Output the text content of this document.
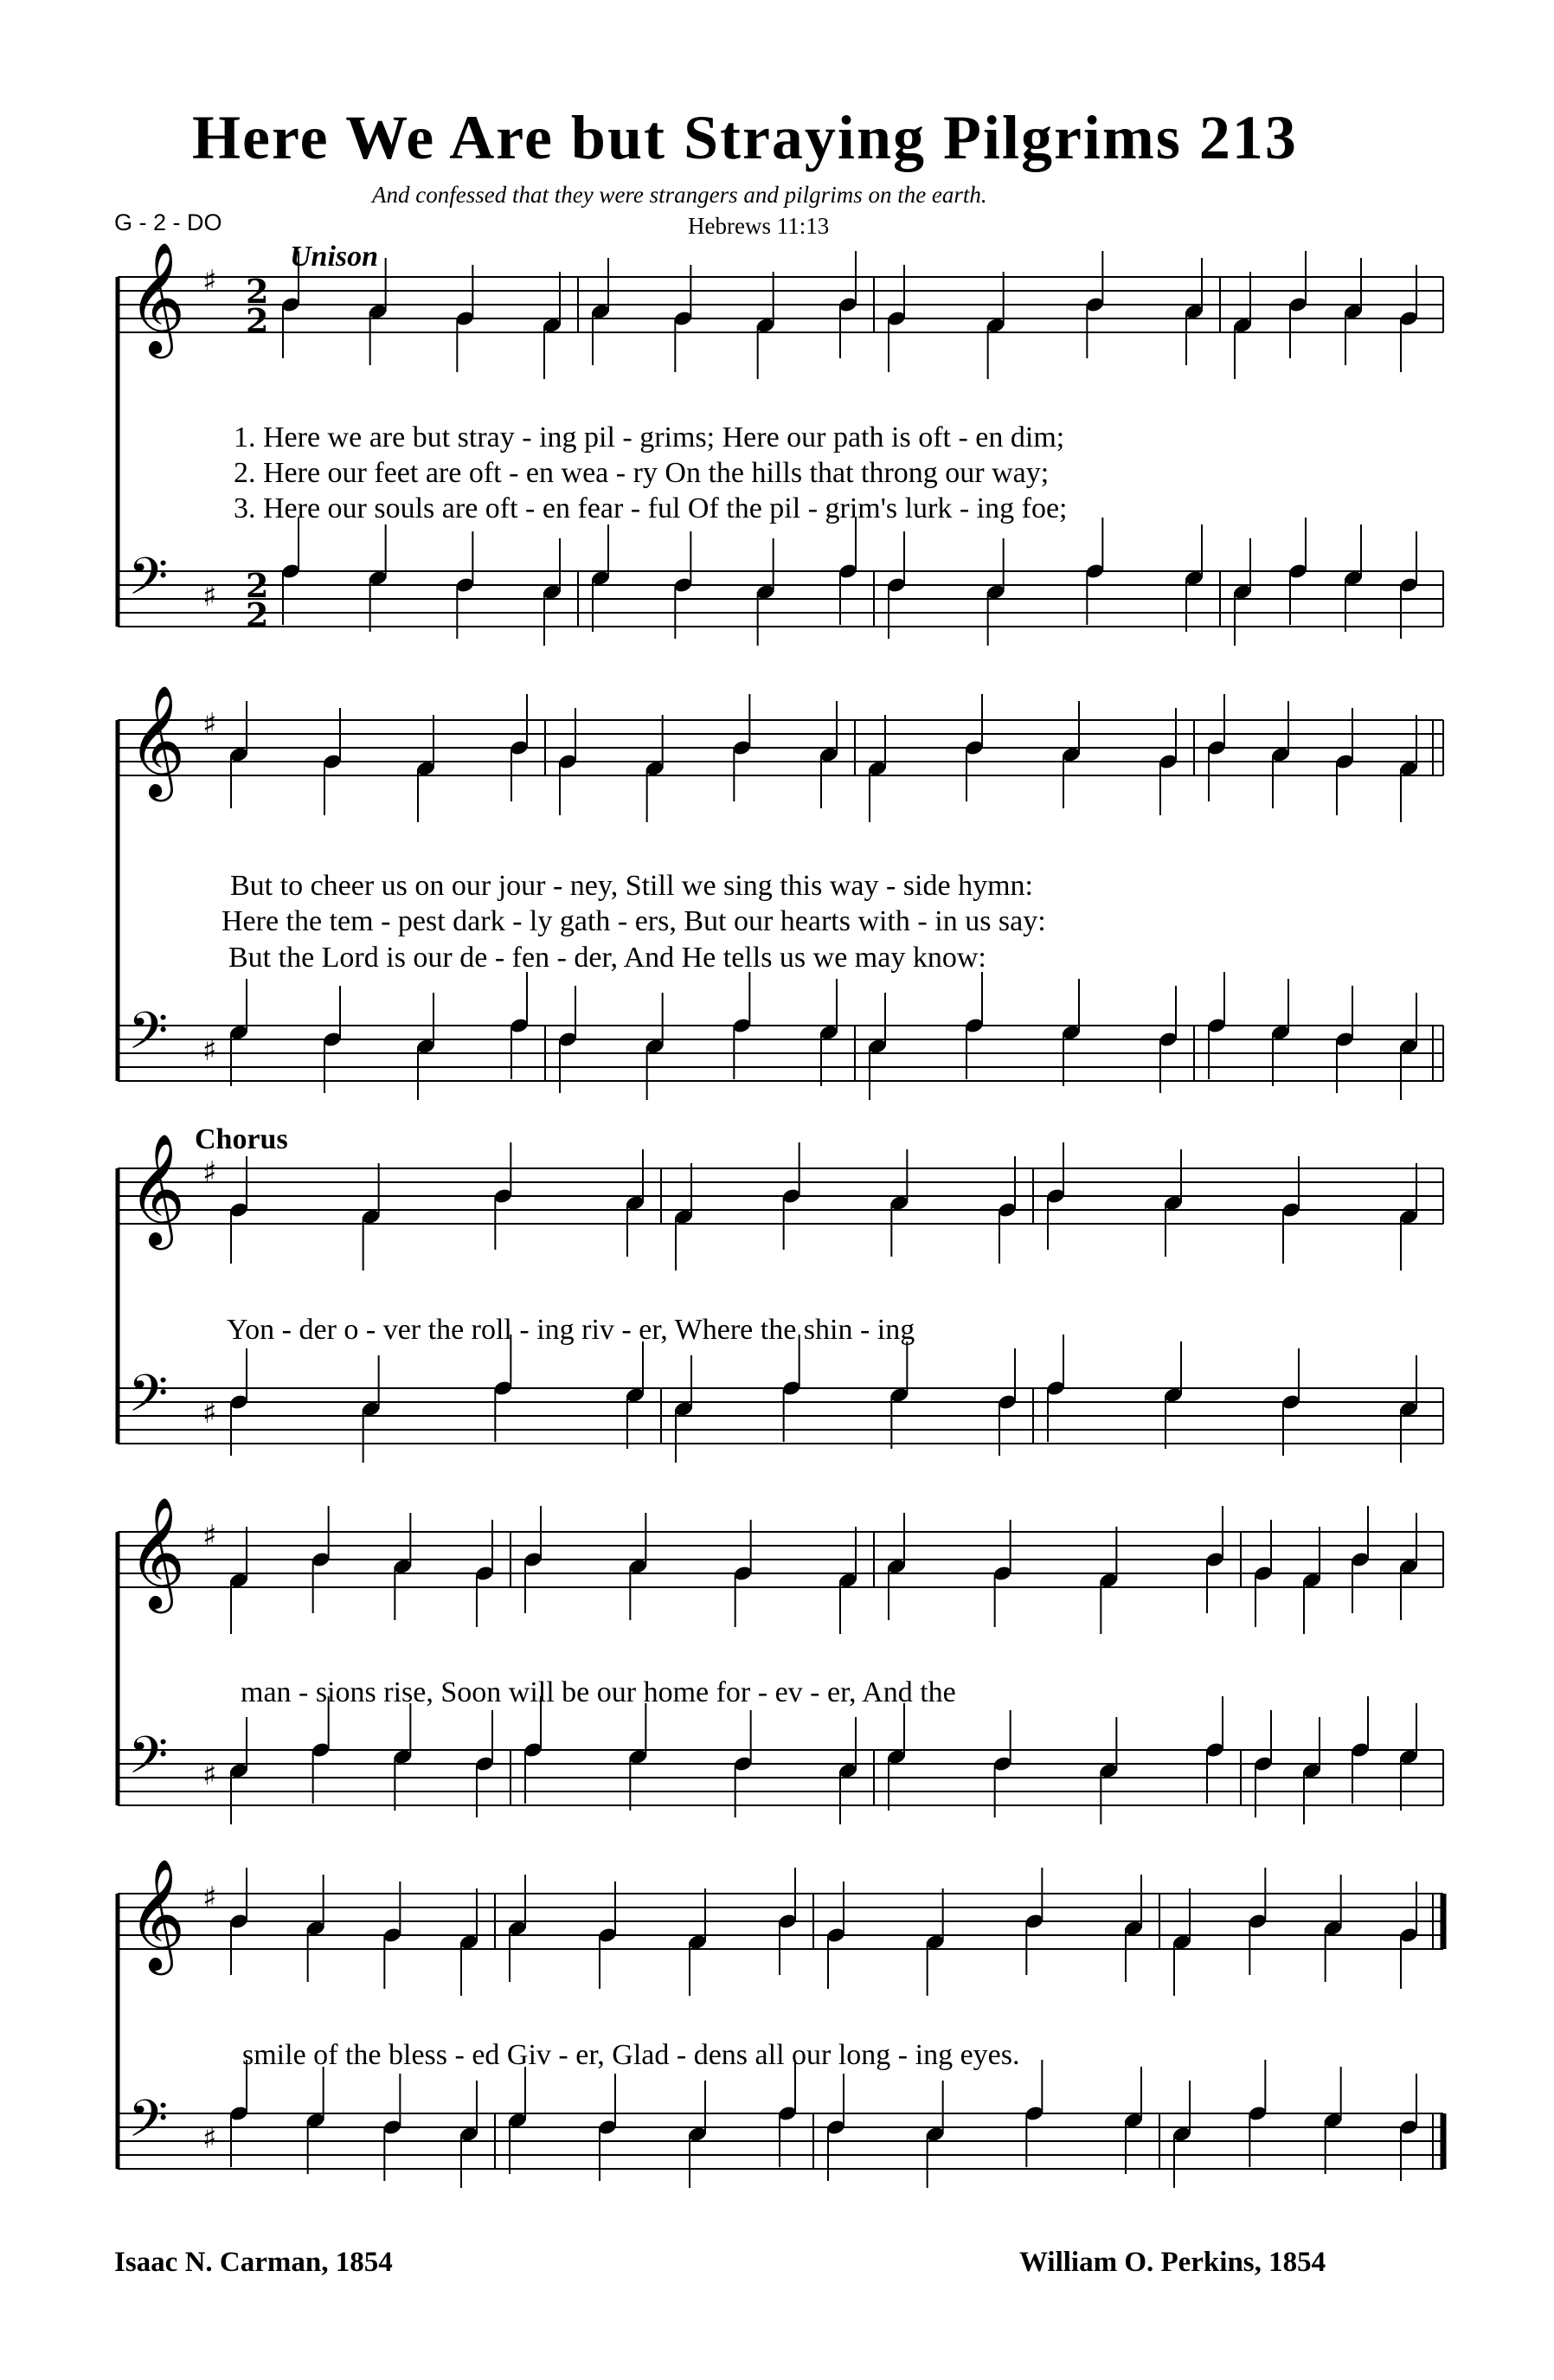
𝄞 ♯ 2
2
𝄢 ♯ 2
2
𝄞 ♯
𝄢 ♯
𝄞 ♯
𝄢 ♯
𝄞 ♯
𝄢 ♯
𝄞 ♯
𝄢 ♯
Here We Are but Straying Pilgrims 213
And confessed that they were strangers and pilgrims on the earth.
G - 2 - DO	Hebrews 11:13
Unison
Chorus
1. Here we are but stray - ing pil - grims; Here our path is oft - en dim;
2. Here our feet are oft - en wea - ry On the hills that throng our way;
3. Here our souls are oft - en fear - ful Of the pil - grim's lurk - ing foe;
But to cheer us on our jour - ney, Still we sing this way - side hymn:
Here the tem - pest dark - ly gath - ers, But our hearts with - in us say:
But the Lord is our de - fen - der, And He tells us we may know:
Yon - der o - ver the roll - ing riv - er, Where the shin - ing
man - sions rise, Soon will be our home for - ev - er, And the
smile of the bless - ed Giv - er, Glad - dens all our long - ing eyes.
Isaac N. Carman, 1854	William O. Perkins, 1854
